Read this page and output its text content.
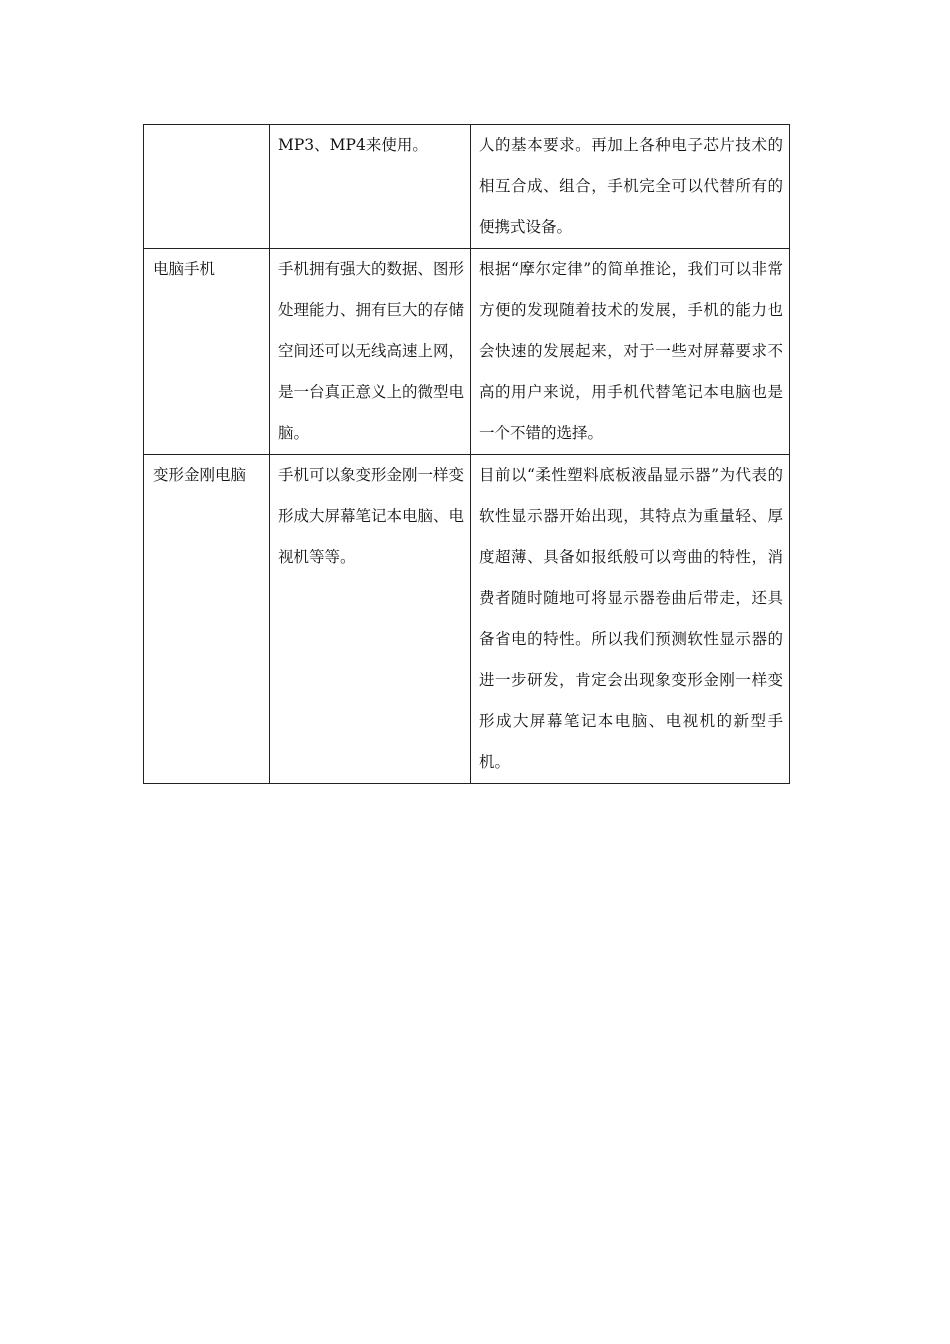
	MP3、MP4来使用。	人的基本要求。再加上各种电子芯片技术的相互合成、组合，手机完全可以代替所有的便携式设备。
电脑手机	手机拥有强大的数据、图形处理能力、拥有巨大的存储空间还可以无线高速上网，是一台真正意义上的微型电脑。	根据“摩尔定律”的简单推论，我们可以非常方便的发现随着技术的发展，手机的能力也会快速的发展起来，对于一些对屏幕要求不高的用户来说，用手机代替笔记本电脑也是一个不错的选择。
变形金刚电脑	手机可以象变形金刚一样变形成大屏幕笔记本电脑、电视机等等。	目前以“柔性塑料底板液晶显示器”为代表的软性显示器开始出现，其特点为重量轻、厚度超薄、具备如报纸般可以弯曲的特性，消费者随时随地可将显示器卷曲后带走，还具备省电的特性。所以我们预测软性显示器的进一步研发，肯定会出现象变形金刚一样变形成大屏幕笔记本电脑、电视机的新型手机。
